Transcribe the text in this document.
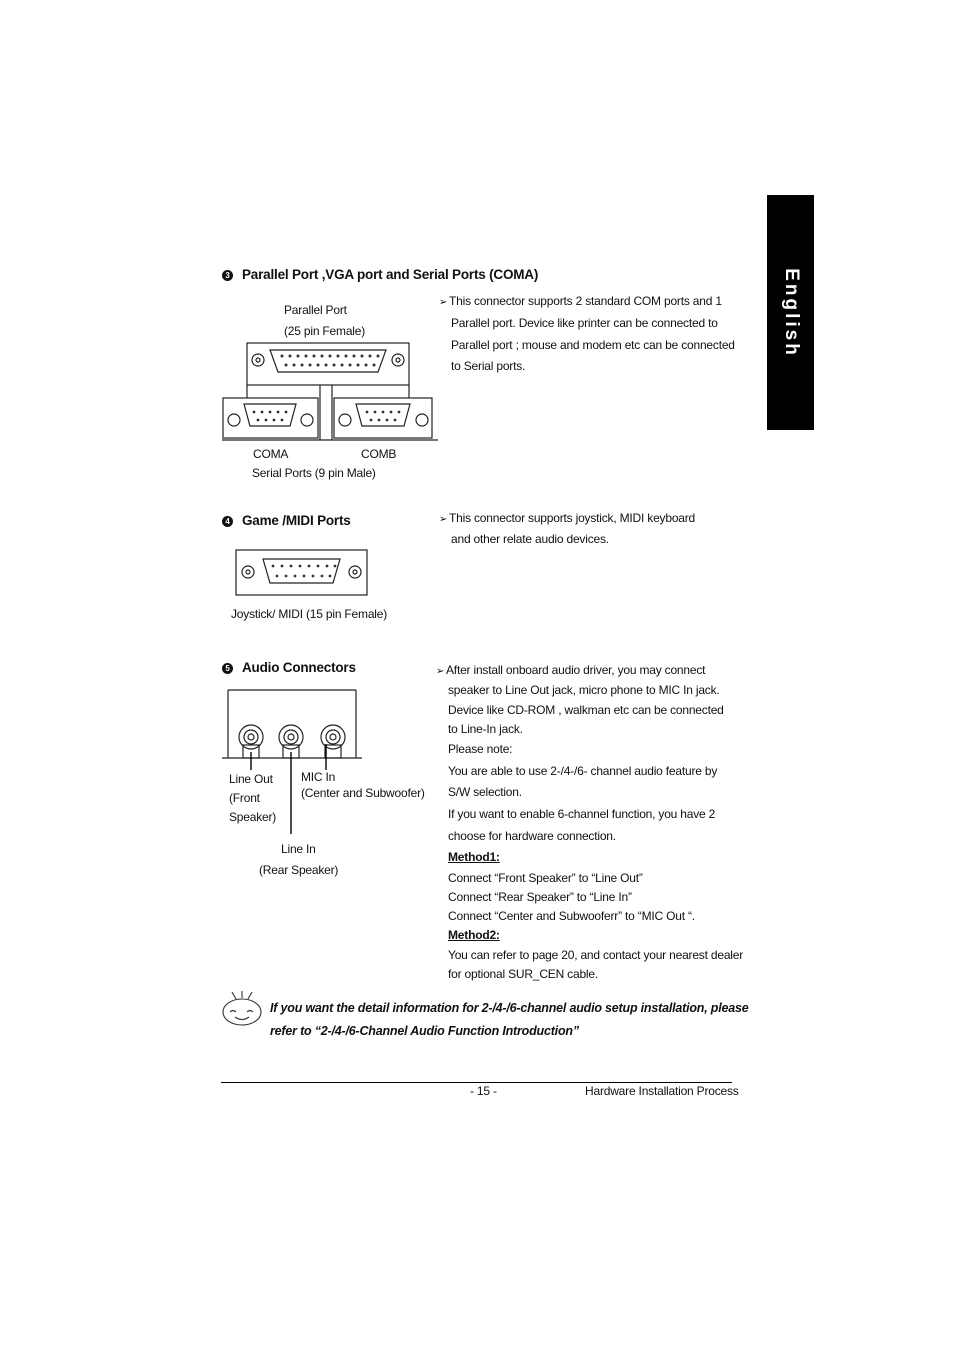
English
3 Parallel Port ,VGA port and Serial Ports (COMA)
Parallel Port
(25 pin Female)
COMA	COMB
Serial Ports (9 pin Male)
➢ This connector supports 2 standard COM ports and 1
Parallel port. Device like printer can be connected to
Parallel port ; mouse and modem etc can be connected
to Serial ports.
4 Game /MIDI Ports
Joystick/ MIDI (15 pin Female)
➢ This connector supports joystick, MIDI keyboard
and other relate audio devices.
5 Audio Connectors
Line Out
(Front
Speaker)
MIC In
(Center and Subwoofer)
Line In
(Rear Speaker)
➢ After install onboard audio driver, you may connect
speaker to Line Out jack, micro phone to MIC In jack.
Device like CD-ROM , walkman etc can be connected
to Line-In jack.
Please note:
You are able to use 2-/4-/6- channel audio feature by
S/W selection.
If you want to enable 6-channel function, you have 2
choose for hardware connection.
Method1:
Connect “Front Speaker” to “Line Out”
Connect “Rear Speaker” to “Line In”
Connect “Center and Subwooferr” to “MIC Out “.
Method2:
You can refer to page 20, and contact your nearest dealer
for optional SUR_CEN cable.
If you want the detail information for 2-/4-/6-channel audio setup installation, please
refer to “2-/4-/6-Channel Audio Function Introduction”
- 15 -	Hardware Installation Process
